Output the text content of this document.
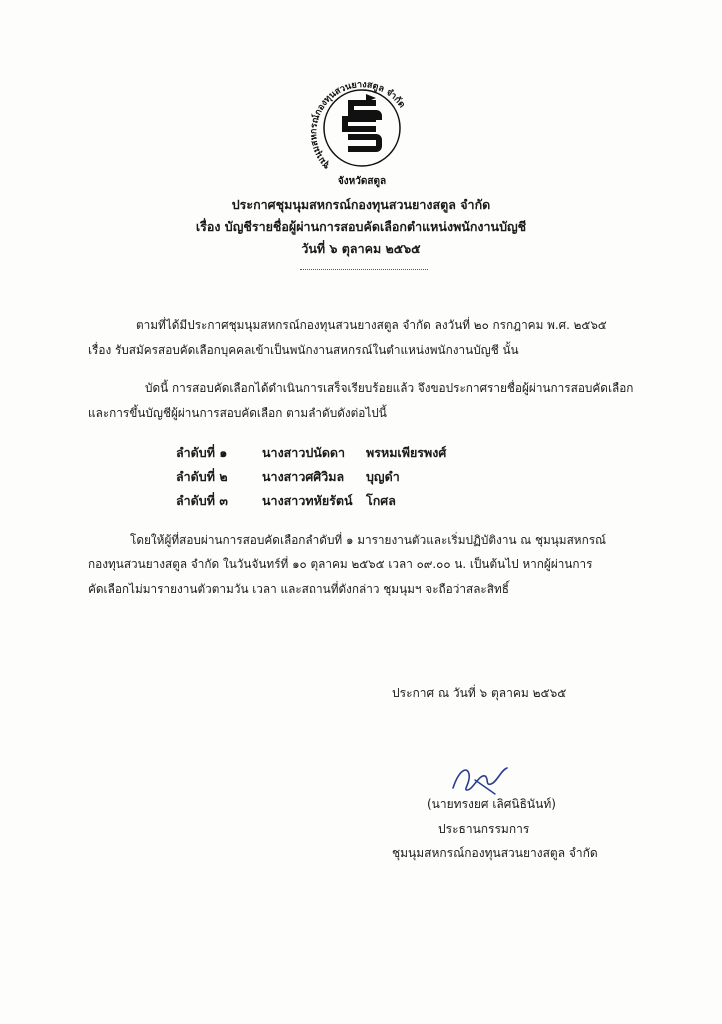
ชุมนุมสหกรณ์กองทุนสวนยางสตูล จำกัด
จังหวัดสตูล
ประกาศชุมนุมสหกรณ์กองทุนสวนยางสตูล จำกัด
เรื่อง บัญชีรายชื่อผู้ผ่านการสอบคัดเลือกตำแหน่งพนักงานบัญชี
วันที่ ๖ ตุลาคม ๒๕๖๕
ตามที่ได้มีประกาศชุมนุมสหกรณ์กองทุนสวนยางสตูล จำกัด ลงวันที่ ๒๐ กรกฎาคม พ.ศ. ๒๕๖๕
เรื่อง รับสมัครสอบคัดเลือกบุคคลเข้าเป็นพนักงานสหกรณ์ในตำแหน่งพนักงานบัญชี นั้น
บัดนี้ การสอบคัดเลือกได้ดำเนินการเสร็จเรียบร้อยแล้ว จึงขอประกาศรายชื่อผู้ผ่านการสอบคัดเลือก
และการขึ้นบัญชีผู้ผ่านการสอบคัดเลือก ตามลำดับดังต่อไปนี้
ลำดับที่ ๑	นางสาวปนัดดา พรหมเพียรพงศ์
ลำดับที่ ๒	นางสาวศศิวิมล บุญดำ
ลำดับที่ ๓	นางสาวทหัยรัตน์ โกศล
โดยให้ผู้ที่สอบผ่านการสอบคัดเลือกลำดับที่ ๑ มารายงานตัวและเริ่มปฏิบัติงาน ณ ชุมนุมสหกรณ์
กองทุนสวนยางสตูล จำกัด ในวันจันทร์ที่ ๑๐ ตุลาคม ๒๕๖๕ เวลา ๐๙.๐๐ น. เป็นต้นไป หากผู้ผ่านการ
คัดเลือกไม่มารายงานตัวตามวัน เวลา และสถานที่ดังกล่าว ชุมนุมฯ จะถือว่าสละสิทธิ์
ประกาศ ณ วันที่ ๖ ตุลาคม ๒๕๖๕
(นายทรงยศ เลิศนิธินันท์)
ประธานกรรมการ
ชุมนุมสหกรณ์กองทุนสวนยางสตูล จำกัด
